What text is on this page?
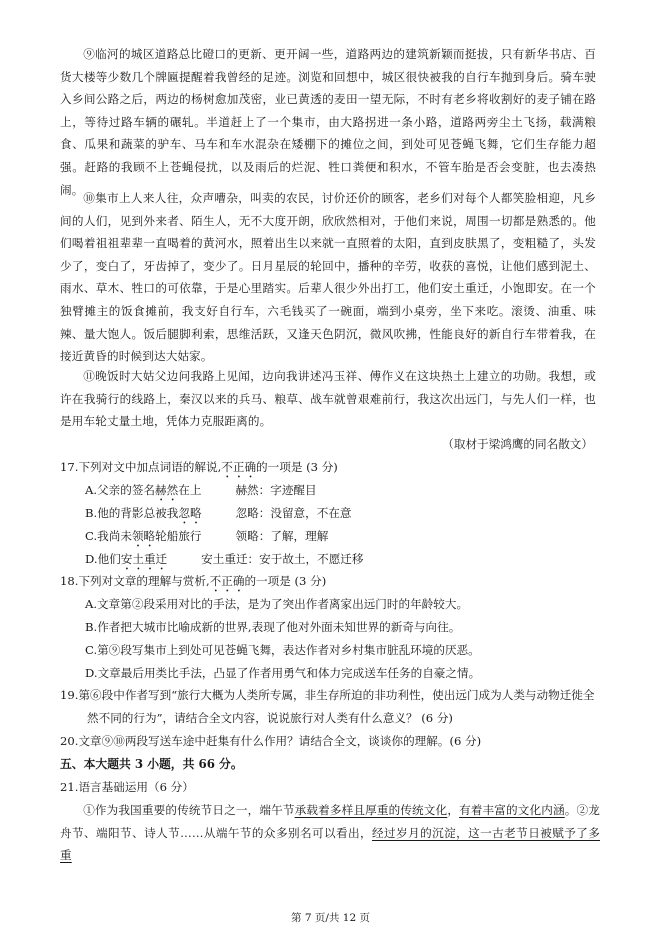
⑨临河的城区道路总比磴口的更新、更开阔一些，道路两边的建筑新颖而挺拔，只有新华书店、百货大楼等少数几个牌匾提醒着我曾经的足迹。浏览和回想中，城区很快被我的自行车抛到身后。骑车驶入乡间公路之后，两边的杨树愈加茂密，业已黄透的麦田一望无际，不时有老乡将收割好的麦子铺在路上，等待过路车辆的碾轧。半道赶上了一个集市，由大路拐进一条小路，道路两旁尘土飞扬，载满粮食、瓜果和蔬菜的驴车、马车和车水混杂在矮棚下的摊位之间，到处可见苍蝇飞舞，它们生存能力超强。赶路的我顾不上苍蝇侵扰，以及雨后的烂泥、牲口粪便和积水，不管车胎是否会变脏，也去凑热闹。

⑩集市上人来人往，众声嘈杂，叫卖的农民，讨价还价的顾客，老乡们对每个人都笑脸相迎，凡乡间的人们，见到外来者、陌生人，无不大度开朗，欣欣然相对，于他们来说，周围一切都是熟悉的。他们喝着祖祖辈辈一直喝着的黄河水，照着出生以来就一直照着的太阳，直到皮肤黑了，变粗糙了，头发少了，变白了，牙齿掉了，变少了。日月星辰的轮回中，播种的辛劳，收获的喜悦，让他们感到泥土、雨水、草木、牲口的可依靠，于是心里踏实。后辈人很少外出打工，他们安土重迁，小饱即安。在一个独臂摊主的饭食摊前，我支好自行车，六毛钱买了一碗面，端到小桌旁，坐下来吃。滚烫、油重、味辣、量大饱人。饭后腿脚利索，思维活跃，又逢天色阴沉，微风吹拂，性能良好的新自行车带着我，在接近黄昏的时候到达大姑家。

⑪晚饭时大姑父边问我路上见闻，边向我讲述冯玉祥、傅作义在这块热土上建立的功勋。我想，或许在我骑行的线路上，秦汉以来的兵马、粮草、战车就曾艰难前行，我这次出远门，与先人们一样，也是用车轮丈量土地，凭体力克服距离的。

（取材于梁鸿鹰的同名散文）

17.下列对文中加点词语的解说,不正确的一项是 (3 分)

A.父亲的签名赫然在上	赫然：字迹醒目

B.他的背影总被我忽略	忽略：没留意，不在意

C.我尚未领略轮船旅行	领略：了解，理解

D.他们安土重迁	安土重迁：安于故土，不愿迁移

18.下列对文章的理解与赏析,不正确的一项是 (3 分)

A.文章第②段采用对比的手法，是为了突出作者离家出远门时的年龄较大。

B.作者把大城市比喻成新的世界,表现了他对外面未知世界的新奇与向往。

C.第⑨段写集市上到处可见苍蝇飞舞，表达作者对乡村集市脏乱环境的厌恶。

D.文章最后用类比手法，凸显了作者用勇气和体力完成送车任务的自豪之情。

19.第⑥段中作者写到“旅行大概为人类所专属，非生存所迫的非功利性，使出远门成为人类与动物迁徙全然不同的行为”，请结合全文内容，说说旅行对人类有什么意义？ (6 分)

20.文章⑨⑩两段写送车途中赶集有什么作用？请结合全文，谈谈你的理解。(6 分)

五、本大题共 3 小题，共 66 分。

21.语言基础运用（6 分）

①作为我国重要的传统节日之一，端午节承载着多样且厚重的传统文化，有着丰富的文化内涵。②龙舟节、端阳节、诗人节……从端午节的众多别名可以看出，经过岁月的沉淀，这一古老节日被赋予了多重

第 7 页/共 12 页
